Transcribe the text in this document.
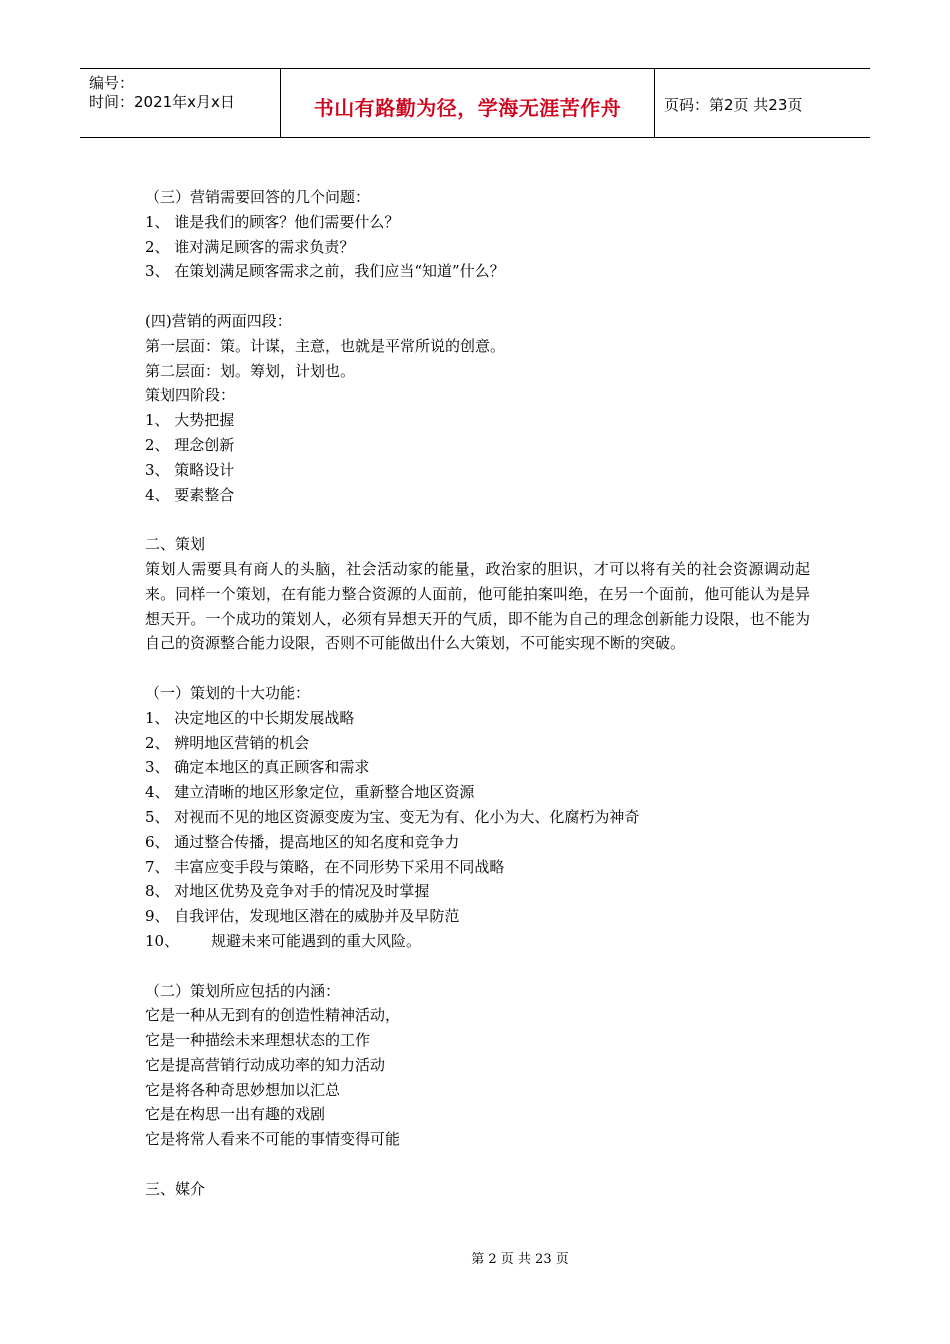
编号：
时间：2021年x月x日	书山有路勤为径，学海无涯苦作舟	页码：第2页 共23页
（三）营销需要回答的几个问题：
1、 谁是我们的顾客？他们需要什么？
2、 谁对满足顾客的需求负责？
3、 在策划满足顾客需求之前，我们应当“知道”什么？
(四)营销的两面四段：
第一层面：策。计谋，主意，也就是平常所说的创意。
第二层面：划。筹划，计划也。
策划四阶段：
1、 大势把握
2、 理念创新
3、 策略设计
4、 要素整合
二、策划
策划人需要具有商人的头脑，社会活动家的能量，政治家的胆识，才可以将有关的社会资源调动起来。同样一个策划，在有能力整合资源的人面前，他可能拍案叫绝，在另一个面前，他可能认为是异想天开。一个成功的策划人，必须有异想天开的气质，即不能为自己的理念创新能力设限，也不能为自己的资源整合能力设限，否则不可能做出什么大策划，不可能实现不断的突破。
（一）策划的十大功能：
1、 决定地区的中长期发展战略
2、 辨明地区营销的机会
3、 确定本地区的真正顾客和需求
4、 建立清晰的地区形象定位，重新整合地区资源
5、 对视而不见的地区资源变废为宝、变无为有、化小为大、化腐朽为神奇
6、 通过整合传播，提高地区的知名度和竞争力
7、 丰富应变手段与策略，在不同形势下采用不同战略
8、 对地区优势及竞争对手的情况及时掌握
9、 自我评估，发现地区潜在的威胁并及早防范
10、 规避未来可能遇到的重大风险。
（二）策划所应包括的内涵：
它是一种从无到有的创造性精神活动，
它是一种描绘未来理想状态的工作
它是提高营销行动成功率的知力活动
它是将各种奇思妙想加以汇总
它是在构思一出有趣的戏剧
它是将常人看来不可能的事情变得可能
三、媒介
第 2 页 共 23 页
